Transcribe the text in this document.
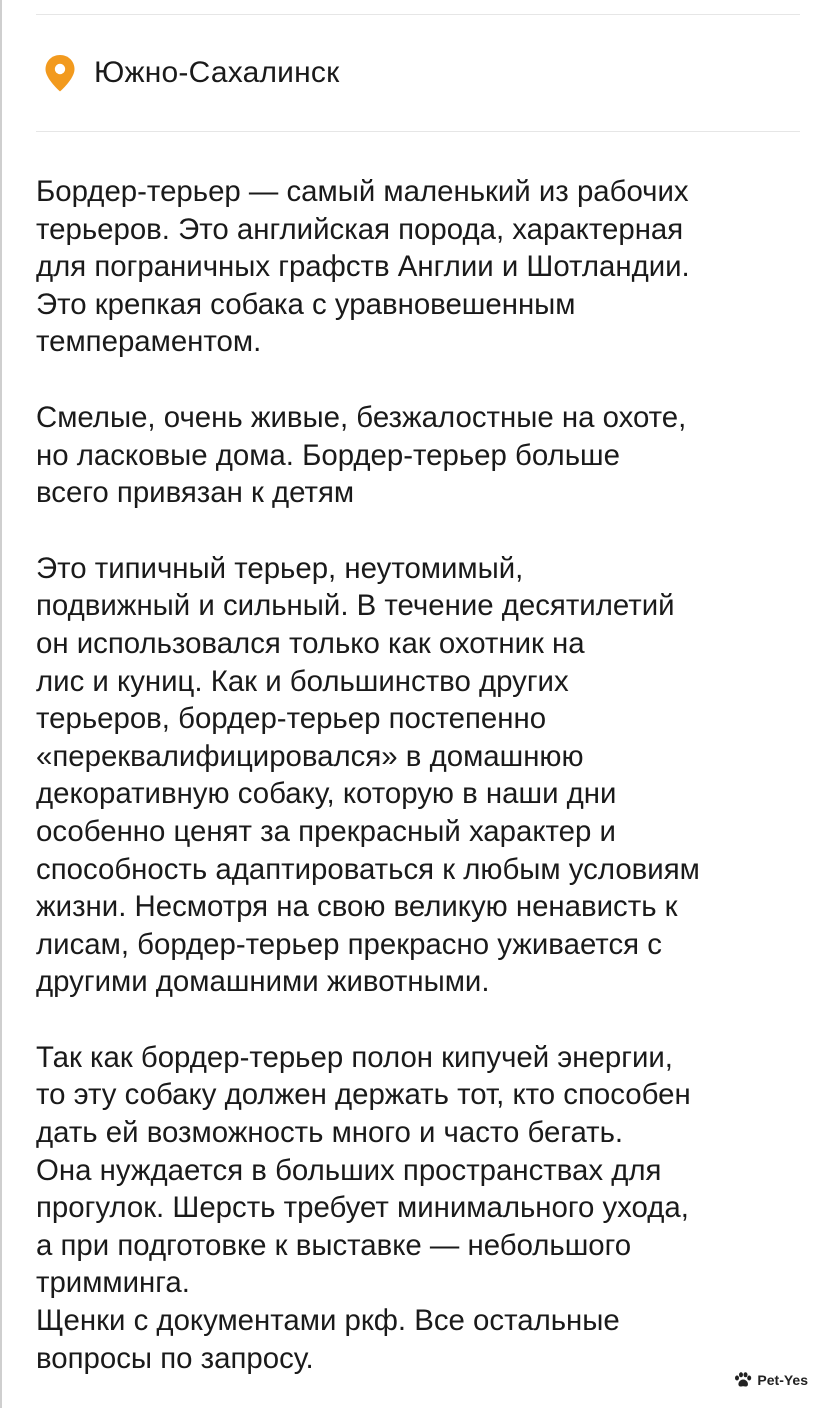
Южно-Сахалинск

Бордер-терьер — самый маленький из рабочих
терьеров. Это английская порода, характерная
для пограничных графств Англии и Шотландии.
Это крепкая собака с уравновешенным
темпераментом.

Смелые, очень живые, безжалостные на охоте,
но ласковые дома. Бордер-терьер больше
всего привязан к детям

Это типичный терьер, неутомимый,
подвижный и сильный. В течение десятилетий
он использовался только как охотник на
лис и куниц. Как и большинство других
терьеров, бордер-терьер постепенно
«переквалифицировался» в домашнюю
декоративную собаку, которую в наши дни
особенно ценят за прекрасный характер и
способность адаптироваться к любым условиям
жизни. Несмотря на свою великую ненависть к
лисам, бордер-терьер прекрасно уживается с
другими домашними животными.

Так как бордер-терьер полон кипучей энергии,
то эту собаку должен держать тот, кто способен
дать ей возможность много и часто бегать.
Она нуждается в больших пространствах для
прогулок. Шерсть требует минимального ухода,
а при подготовке к выставке — небольшого
тримминга.
Щенки с документами ркф. Все остальные
вопросы по запросу.

Pet-Yes
